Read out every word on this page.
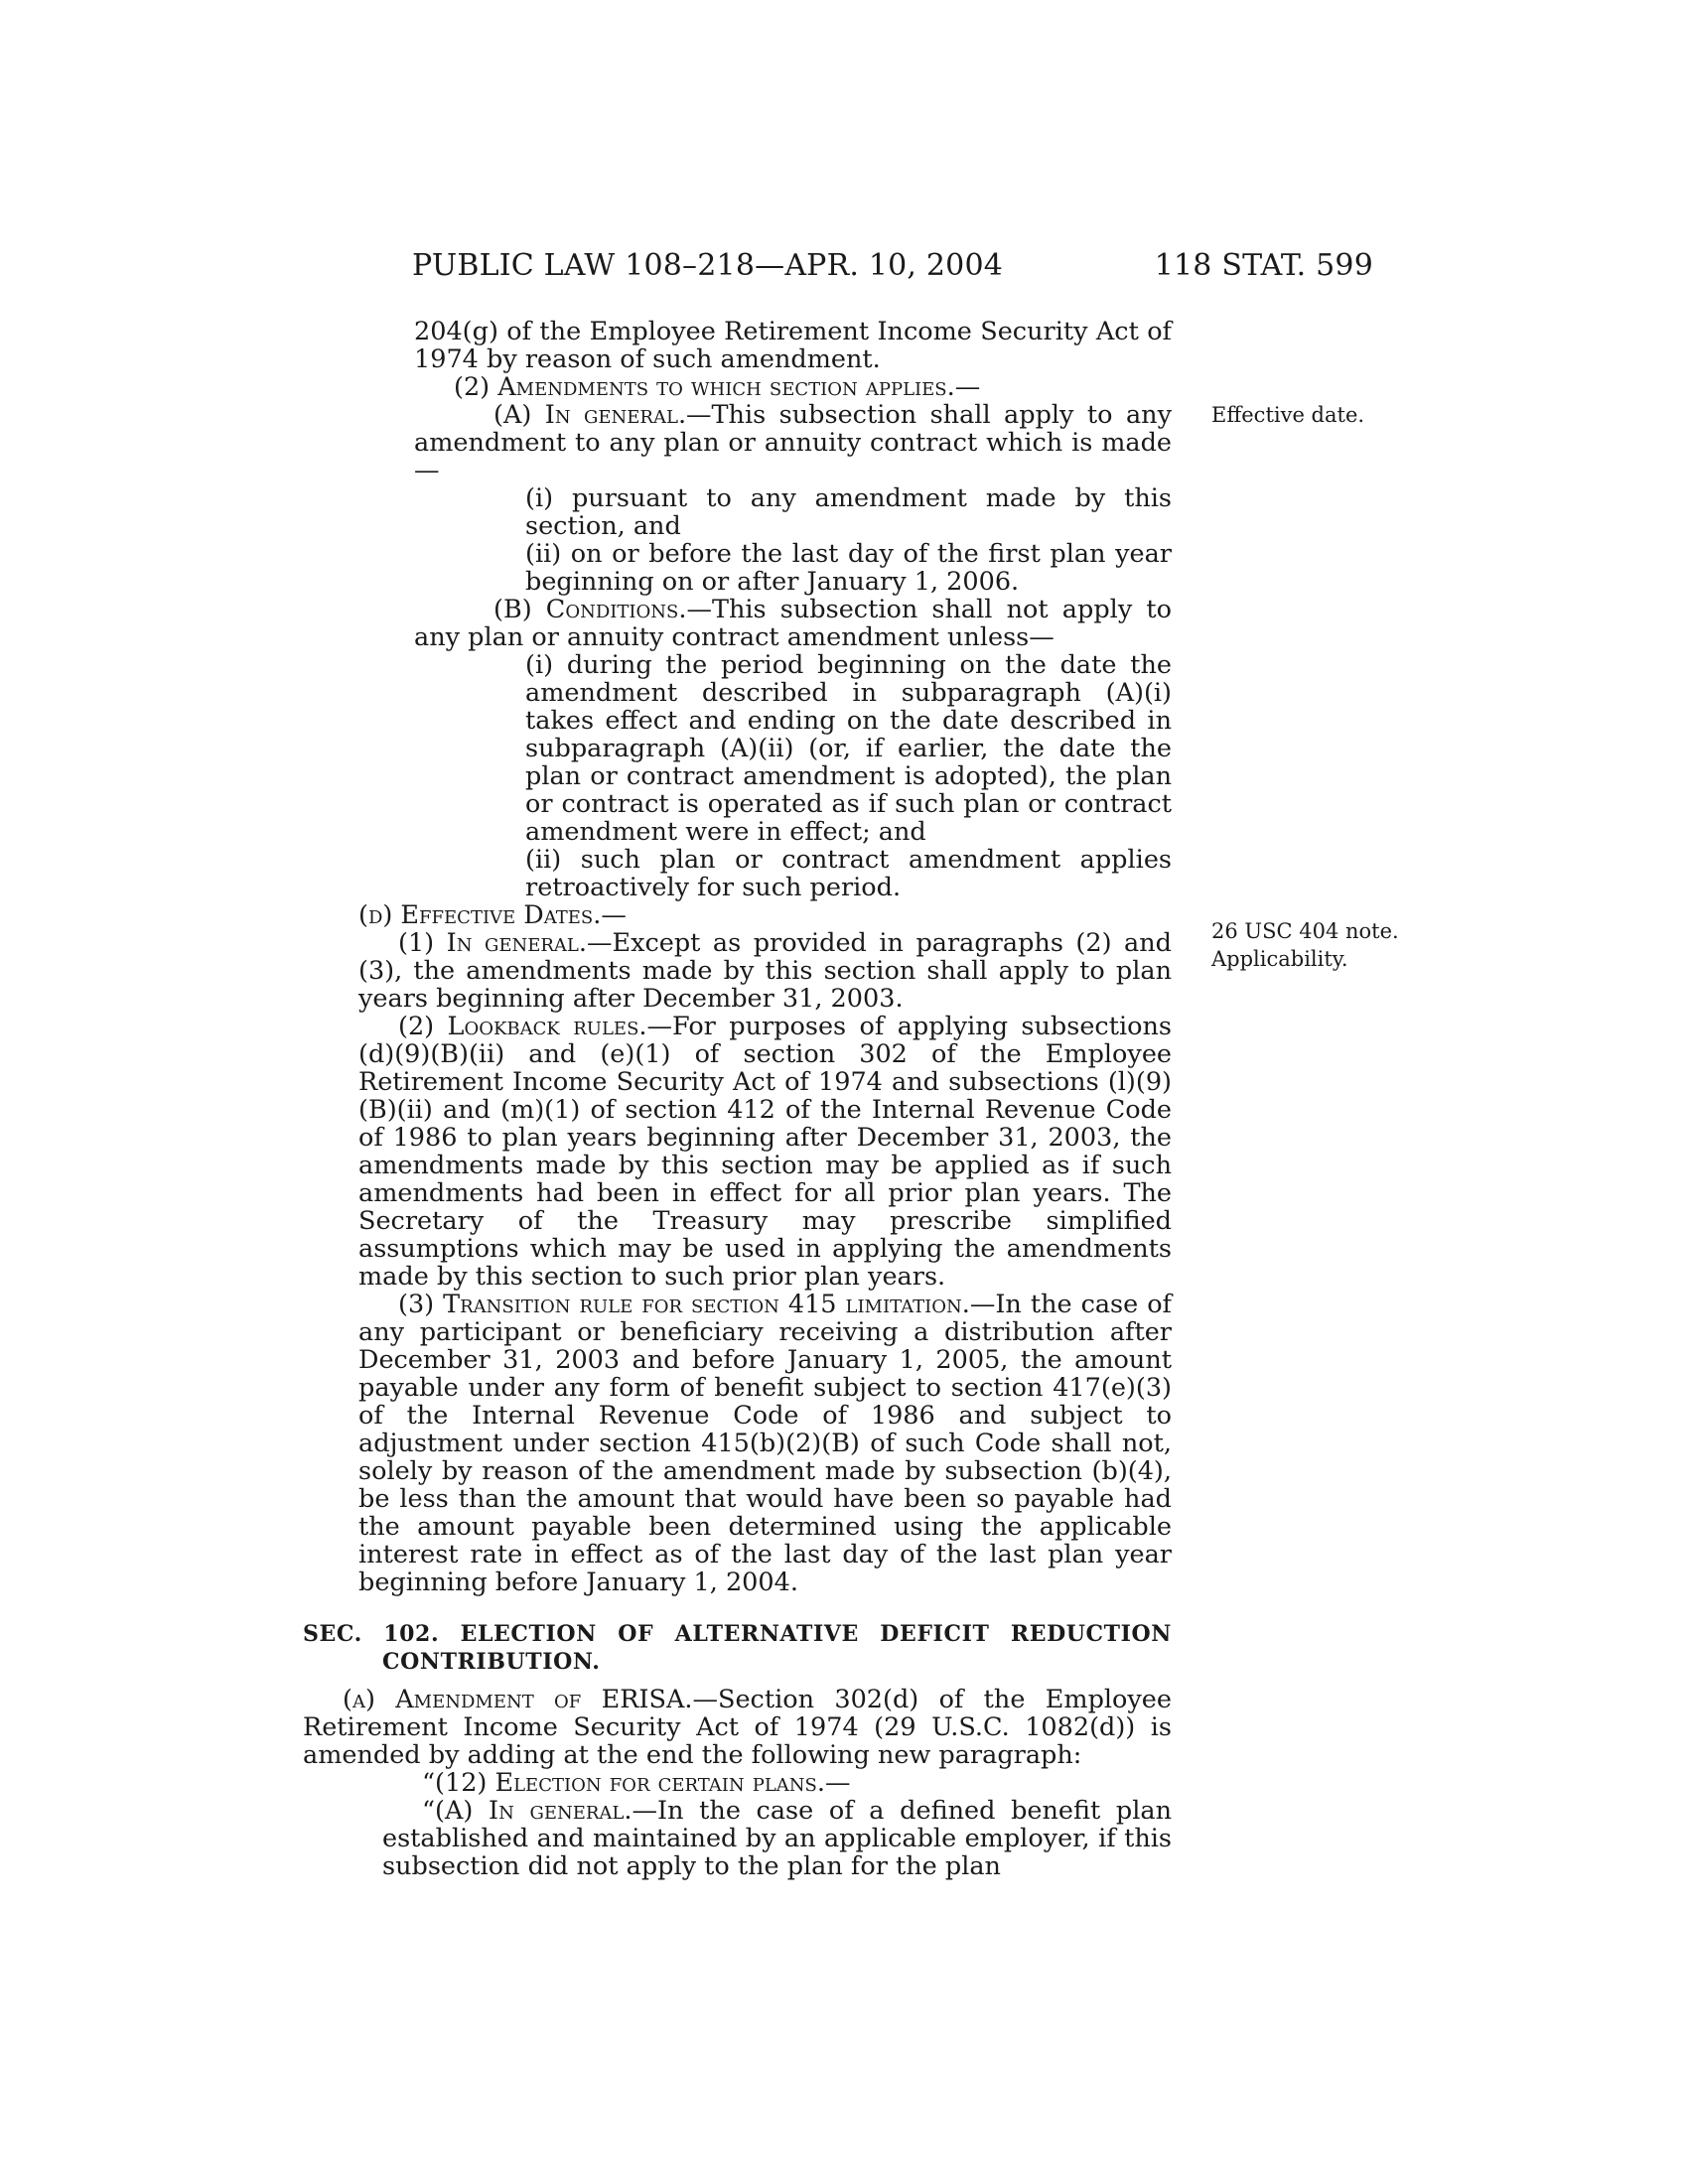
PUBLIC LAW 108–218—APR. 10, 2004	118 STAT. 599
Effective date.
26 USC 404 note.
Applicability.

204(g) of the Employee Retirement Income Security Act of 1974 by reason of such amendment.

(2) Amendments to which section applies.—

(A) In general.—This subsection shall apply to any amendment to any plan or annuity contract which is made—

(i) pursuant to any amendment made by this section, and

(ii) on or before the last day of the first plan year beginning on or after January 1, 2006.

(B) Conditions.—This subsection shall not apply to any plan or annuity contract amendment unless—

(i) during the period beginning on the date the amendment described in subparagraph (A)(i) takes effect and ending on the date described in subparagraph (A)(ii) (or, if earlier, the date the plan or contract amendment is adopted), the plan or contract is operated as if such plan or contract amendment were in effect; and

(ii) such plan or contract amendment applies retroactively for such period.

(d) Effective Dates.—

(1) In general.—Except as provided in paragraphs (2) and (3), the amendments made by this section shall apply to plan years beginning after December 31, 2003.

(2) Lookback rules.—For purposes of applying subsections (d)(9)(B)(ii) and (e)(1) of section 302 of the Employee Retirement Income Security Act of 1974 and subsections (l)(9)(B)(ii) and (m)(1) of section 412 of the Internal Revenue Code of 1986 to plan years beginning after December 31, 2003, the amendments made by this section may be applied as if such amendments had been in effect for all prior plan years. The Secretary of the Treasury may prescribe simplified assumptions which may be used in applying the amendments made by this section to such prior plan years.

(3) Transition rule for section 415 limitation.—In the case of any participant or beneficiary receiving a distribution after December 31, 2003 and before January 1, 2005, the amount payable under any form of benefit subject to section 417(e)(3) of the Internal Revenue Code of 1986 and subject to adjustment under section 415(b)(2)(B) of such Code shall not, solely by reason of the amendment made by subsection (b)(4), be less than the amount that would have been so payable had the amount payable been determined using the applicable interest rate in effect as of the last day of the last plan year beginning before January 1, 2004.

SEC. 102. ELECTION OF ALTERNATIVE DEFICIT REDUCTION CONTRIBUTION.

(a) Amendment of ERISA.—Section 302(d) of the Employee Retirement Income Security Act of 1974 (29 U.S.C. 1082(d)) is amended by adding at the end the following new paragraph:

“(12) Election for certain plans.—

“(A) In general.—In the case of a defined benefit plan established and maintained by an applicable employer, if this subsection did not apply to the plan for the plan
